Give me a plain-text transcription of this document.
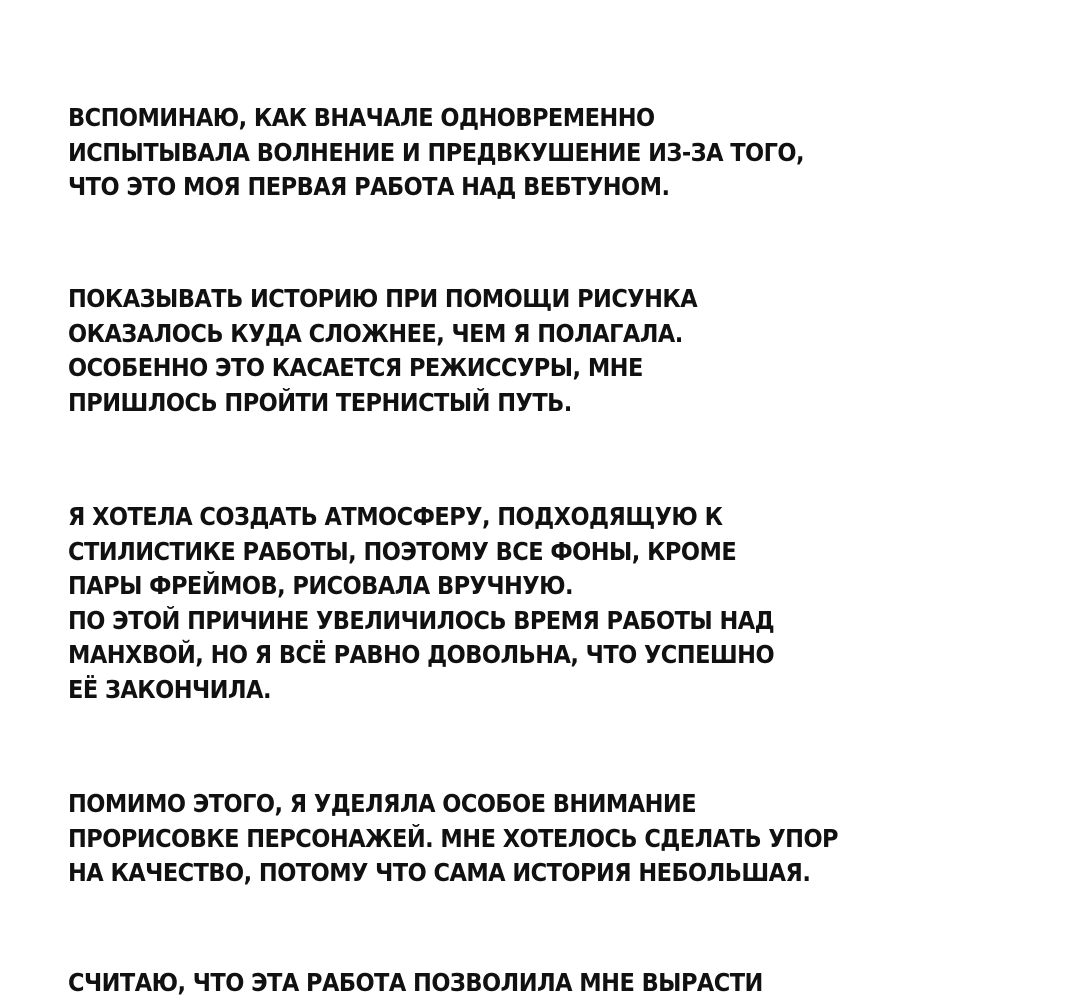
ВСПОМИНАЮ, КАК ВНАЧАЛЕ ОДНОВРЕМЕННО
ИСПЫТЫВАЛА ВОЛНЕНИЕ И ПРЕДВКУШЕНИЕ ИЗ-ЗА ТОГО,
ЧТО ЭТО МОЯ ПЕРВАЯ РАБОТА НАД ВЕБТУНОМ.
ПОКАЗЫВАТЬ ИСТОРИЮ ПРИ ПОМОЩИ РИСУНКА
ОКАЗАЛОСЬ КУДА СЛОЖНЕЕ, ЧЕМ Я ПОЛАГАЛА.
ОСОБЕННО ЭТО КАСАЕТСЯ РЕЖИССУРЫ, МНЕ
ПРИШЛОСЬ ПРОЙТИ ТЕРНИСТЫЙ ПУТЬ.
Я ХОТЕЛА СОЗДАТЬ АТМОСФЕРУ, ПОДХОДЯЩУЮ К
СТИЛИСТИКЕ РАБОТЫ, ПОЭТОМУ ВСЕ ФОНЫ, КРОМЕ
ПАРЫ ФРЕЙМОВ, РИСОВАЛА ВРУЧНУЮ.
ПО ЭТОЙ ПРИЧИНЕ УВЕЛИЧИЛОСЬ ВРЕМЯ РАБОТЫ НАД
МАНХВОЙ, НО Я ВСЁ РАВНО ДОВОЛЬНА, ЧТО УСПЕШНО
ЕЁ ЗАКОНЧИЛА.
ПОМИМО ЭТОГО, Я УДЕЛЯЛА ОСОБОЕ ВНИМАНИЕ
ПРОРИСОВКЕ ПЕРСОНАЖЕЙ. МНЕ ХОТЕЛОСЬ СДЕЛАТЬ УПОР
НА КАЧЕСТВО, ПОТОМУ ЧТО САМА ИСТОРИЯ НЕБОЛЬШАЯ.
СЧИТАЮ, ЧТО ЭТА РАБОТА ПОЗВОЛИЛА МНЕ ВЫРАСТИ
